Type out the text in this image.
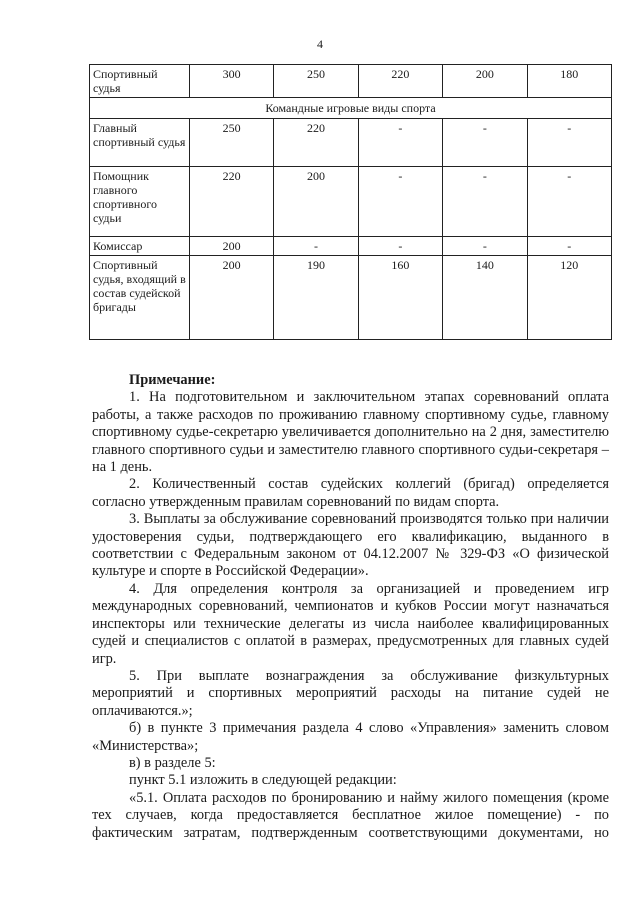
4
Спортивный судья	300	250	220	200	180
Командные игровые виды спорта					
Главный спортивный судья	250	220	-	-	-
Помощник главного спортивного судьи	220	200	-	-	-
Комиссар	200	-	-	-	-
Спортивный судья, входящий в состав судейской бригады	200	190	160	140	120

Примечание:

1. На подготовительном и заключительном этапах соревнований оплата работы, а также расходов по проживанию главному спортивному судье, главному спортивному судье-секретарю увеличивается дополнительно на 2 дня, заместителю главного спортивного судьи и заместителю главного спортивного судьи-секретаря – на 1 день.

2. Количественный состав судейских коллегий (бригад) определяется согласно утвержденным правилам соревнований по видам спорта.

3. Выплаты за обслуживание соревнований производятся только при наличии удостоверения судьи, подтверждающего его квалификацию, выданного в соответствии с Федеральным законом от 04.12.2007 № 329-ФЗ «О физической культуре и спорте в Российской Федерации».

4. Для определения контроля за организацией и проведением игр международных соревнований, чемпионатов и кубков России могут назначаться инспекторы или технические делегаты из числа наиболее квалифицированных судей и специалистов с оплатой в размерах, предусмотренных для главных судей игр.

5. При выплате вознаграждения за обслуживание физкультурных мероприятий и спортивных мероприятий расходы на питание судей не оплачиваются.»;

б) в пункте 3 примечания раздела 4 слово «Управления» заменить словом «Министерства»;

в) в разделе 5:

пункт 5.1 изложить в следующей редакции:

«5.1. Оплата расходов по бронированию и найму жилого помещения (кроме тех случаев, когда предоставляется бесплатное жилое помещение) - по фактическим затратам, подтвержденным соответствующими документами, но
